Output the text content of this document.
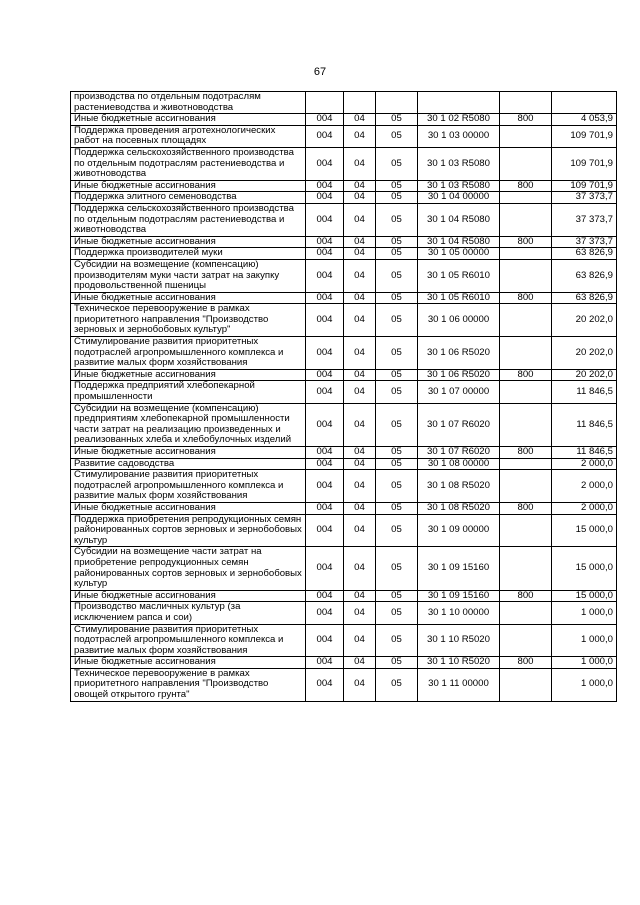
67
производства по отдельным подотраслям растениеводства и животноводства						
Иные бюджетные ассигнования	004	04	05	30 1 02 R5080	800	4 053,9
Поддержка проведения агротехнологических работ на посевных площадях	004	04	05	30 1 03 00000		109 701,9
Поддержка сельскохозяйственного производства по отдельным подотраслям растениеводства и животноводства	004	04	05	30 1 03 R5080		109 701,9
Иные бюджетные ассигнования	004	04	05	30 1 03 R5080	800	109 701,9
Поддержка элитного семеноводства	004	04	05	30 1 04 00000		37 373,7
Поддержка сельскохозяйственного производства по отдельным подотраслям растениеводства и животноводства	004	04	05	30 1 04 R5080		37 373,7
Иные бюджетные ассигнования	004	04	05	30 1 04 R5080	800	37 373,7
Поддержка производителей муки	004	04	05	30 1 05 00000		63 826,9
Субсидии на возмещение (компенсацию) производителям муки части затрат на закупку продовольственной пшеницы	004	04	05	30 1 05 R6010		63 826,9
Иные бюджетные ассигнования	004	04	05	30 1 05 R6010	800	63 826,9
Техническое перевооружение в рамках приоритетного направления "Производство зерновых и зернобобовых культур"	004	04	05	30 1 06 00000		20 202,0
Стимулирование развития приоритетных подотраслей агропромышленного комплекса и развитие малых форм хозяйствования	004	04	05	30 1 06 R5020		20 202,0
Иные бюджетные ассигнования	004	04	05	30 1 06 R5020	800	20 202,0
Поддержка предприятий хлебопекарной промышленности	004	04	05	30 1 07 00000		11 846,5
Субсидии на возмещение (компенсацию) предприятиям хлебопекарной промышленности части затрат на реализацию произведенных и реализованных хлеба и хлебобулочных изделий	004	04	05	30 1 07 R6020		11 846,5
Иные бюджетные ассигнования	004	04	05	30 1 07 R6020	800	11 846,5
Развитие садоводства	004	04	05	30 1 08 00000		2 000,0
Стимулирование развития приоритетных подотраслей агропромышленного комплекса и развитие малых форм хозяйствования	004	04	05	30 1 08 R5020		2 000,0
Иные бюджетные ассигнования	004	04	05	30 1 08 R5020	800	2 000,0
Поддержка приобретения репродукционных семян районированных сортов зерновых и зернобобовых культур	004	04	05	30 1 09 00000		15 000,0
Субсидии на возмещение части затрат на приобретение репродукционных семян районированных сортов зерновых и зернобобовых культур	004	04	05	30 1 09 15160		15 000,0
Иные бюджетные ассигнования	004	04	05	30 1 09 15160	800	15 000,0
Производство масличных культур (за исключением рапса и сои)	004	04	05	30 1 10 00000		1 000,0
Стимулирование развития приоритетных подотраслей агропромышленного комплекса и развитие малых форм хозяйствования	004	04	05	30 1 10 R5020		1 000,0
Иные бюджетные ассигнования	004	04	05	30 1 10 R5020	800	1 000,0
Техническое перевооружение в рамках приоритетного направления "Производство овощей открытого грунта"	004	04	05	30 1 11 00000		1 000,0
